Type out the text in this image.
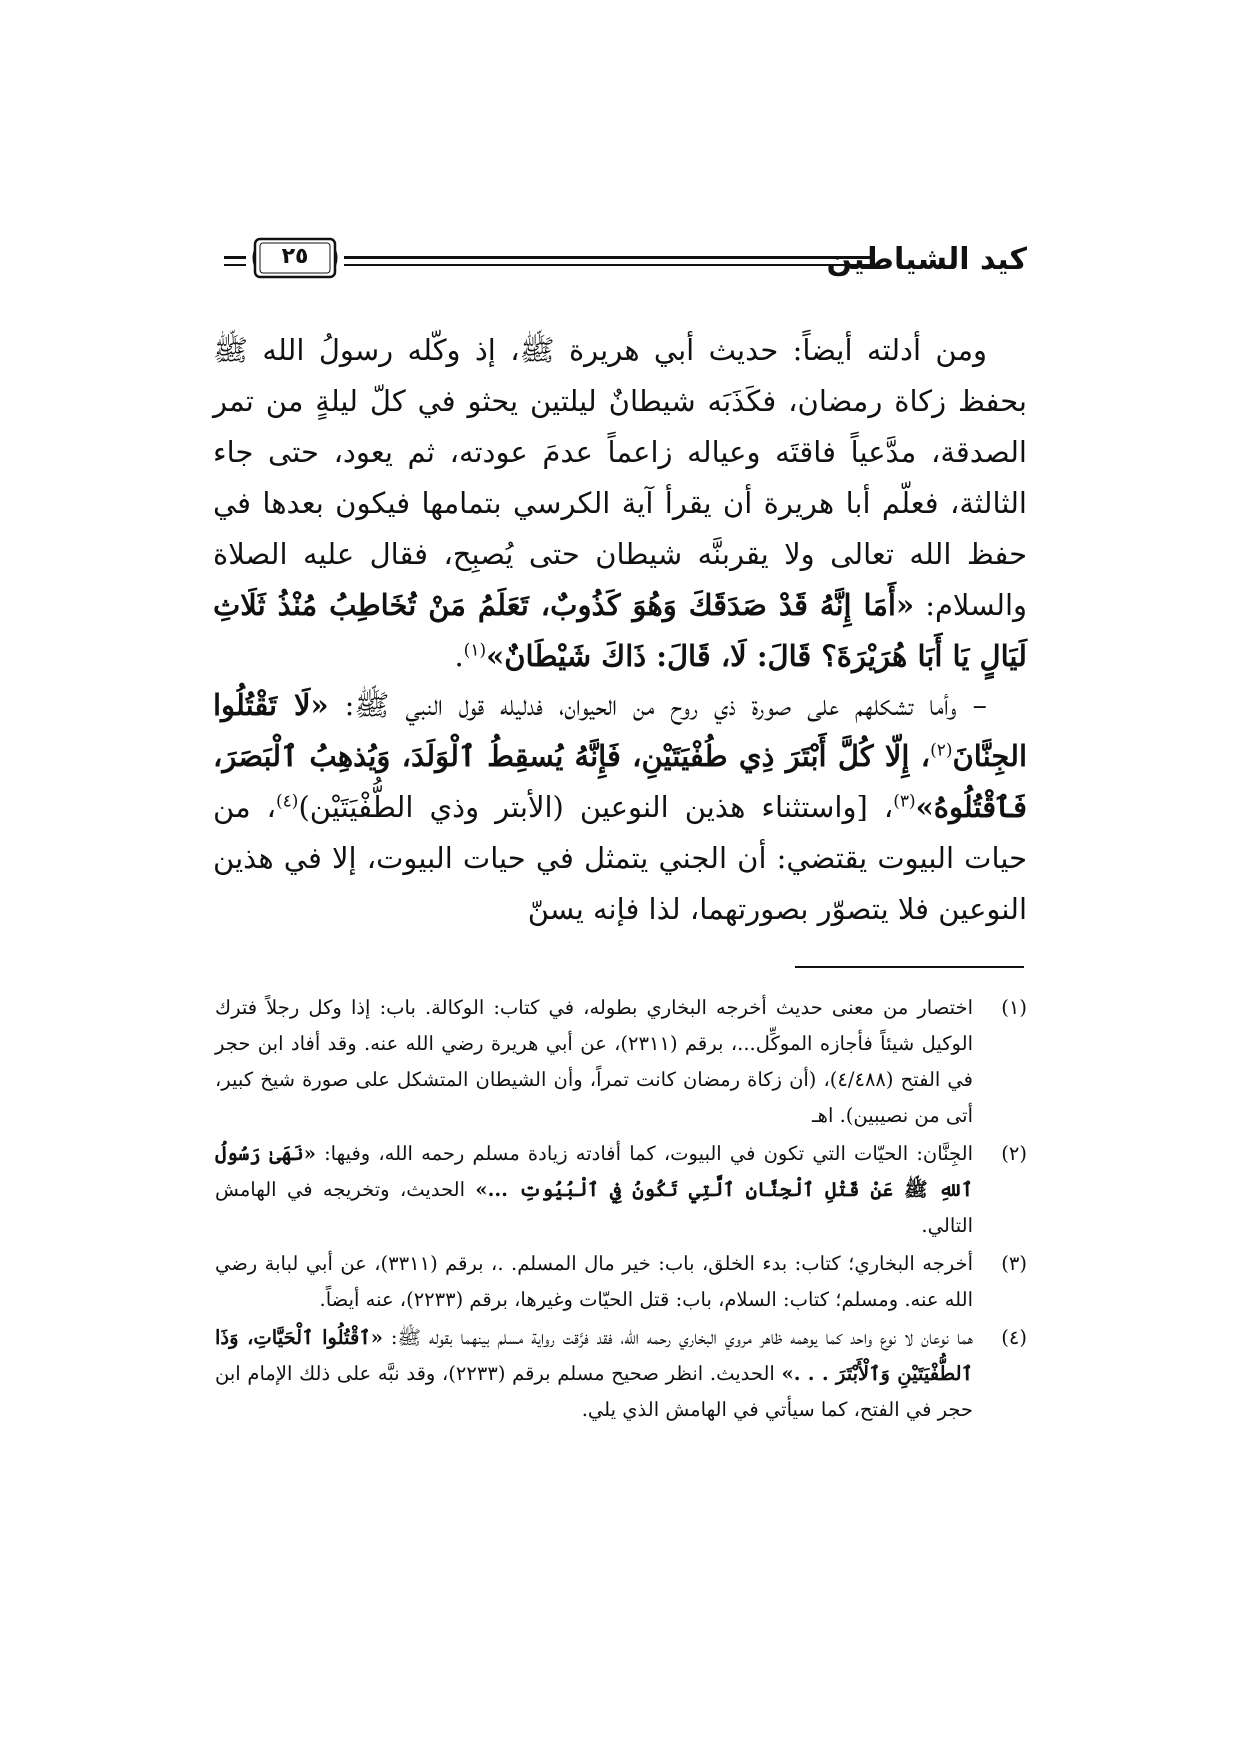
كيد الشياطين
٢٥
ومن أدلته أيضاً: حديث أبي هريرة ﷺ، إذ وكّله رسولُ الله ﷺ بحفظ زكاة رمضان، فكَذَبَه شيطانٌ ليلتين يحثو في كلّ ليلةٍ من تمر الصدقة، مدَّعياً فاقتَه وعياله زاعماً عدمَ عودته، ثم يعود، حتى جاء الثالثة، فعلّم أبا هريرة أن يقرأ آية الكرسي بتمامها فيكون بعدها في حفظ الله تعالى ولا يقربنَّه شيطان حتى يُصبِح، فقال عليه الصلاة والسلام: «أَمَا إِنَّهُ قَدْ صَدَقَكَ وَهُوَ كَذُوبٌ، تَعَلَمُ مَنْ تُخَاطِبُ مُنْذُ ثَلَاثِ لَيَالٍ يَا أَبَا هُرَيْرَةَ؟ قَالَ: لَا، قَالَ: ذَاكَ شَيْطَانٌ»$^{(١)}$.
– وأما تشكلهم على صورة ذي روح من الحيوان، فدليله قول النبي ﷺ: «لَا تَقْتُلُوا الجِنَّانَ$^{(٢)}$، إِلّا كُلَّ أَبْتَرَ ذِي طُفْيَتَيْنِ، فَإِنَّهُ يُسقِطُ ٱلْوَلَدَ، وَيُذهِبُ ٱلْبَصَرَ، فَٱقْتُلُوهُ»$^{(٣)}$، [واستثناء هذين النوعين (الأبتر وذي الطُّفْيَتَيْن)$^{(٤)}$، من حيات البيوت يقتضي: أن الجني يتمثل في حيات البيوت، إلا في هذين النوعين فلا يتصوّر بصورتهما، لذا فإنه يسنّ
(١)
اختصار من معنى حديث أخرجه البخاري بطوله، في كتاب: الوكالة. باب: إذا وكل رجلاً فترك الوكيل شيئاً فأجازه الموكِّل...، برقم (٢٣١١)، عن أبي هريرة رضي الله عنه. وقد أفاد ابن حجر في الفتح (٤/٤٨٨)، (أن زكاة رمضان كانت تمراً، وأن الشيطان المتشكل على صورة شيخ كبير، أتى من نصيبين). اهـ
(٢)
الجِنَّان: الحيّات التي تكون في البيوت، كما أفادته زيادة مسلم رحمه الله، وفيها: «نَهَىٰ رَسُولُ ٱللهِ ﷺ عَنْ قَتْلِ ٱلْجِنَّانِ ٱلَّتِي تَكُونُ فِي ٱلْبُيُوتِ ...» الحديث، وتخريجه في الهامش التالي.
(٣)
أخرجه البخاري؛ كتاب: بدء الخلق، باب: خير مال المسلم. .، برقم (٣٣١١)، عن أبي لبابة رضي الله عنه. ومسلم؛ كتاب: السلام، باب: قتل الحيّات وغيرها، برقم (٢٢٣٣)، عنه أيضاً.
(٤)
هما نوعان لا نوع واحد كما يوهمه ظاهر مروي البخاري رحمه الله، فقد فرَّقت رواية مسلم بينهما بقوله ﷺ: «ٱقْتُلُوا ٱلْحَيَّاتِ، وَذَا ٱلطُّفْيَتَيْنِ وَٱلْأَبْتَرَ . . .» الحديث. انظر صحيح مسلم برقم (٢٢٣٣)، وقد نبَّه على ذلك الإمام ابن حجر في الفتح، كما سيأتي في الهامش الذي يلي.
